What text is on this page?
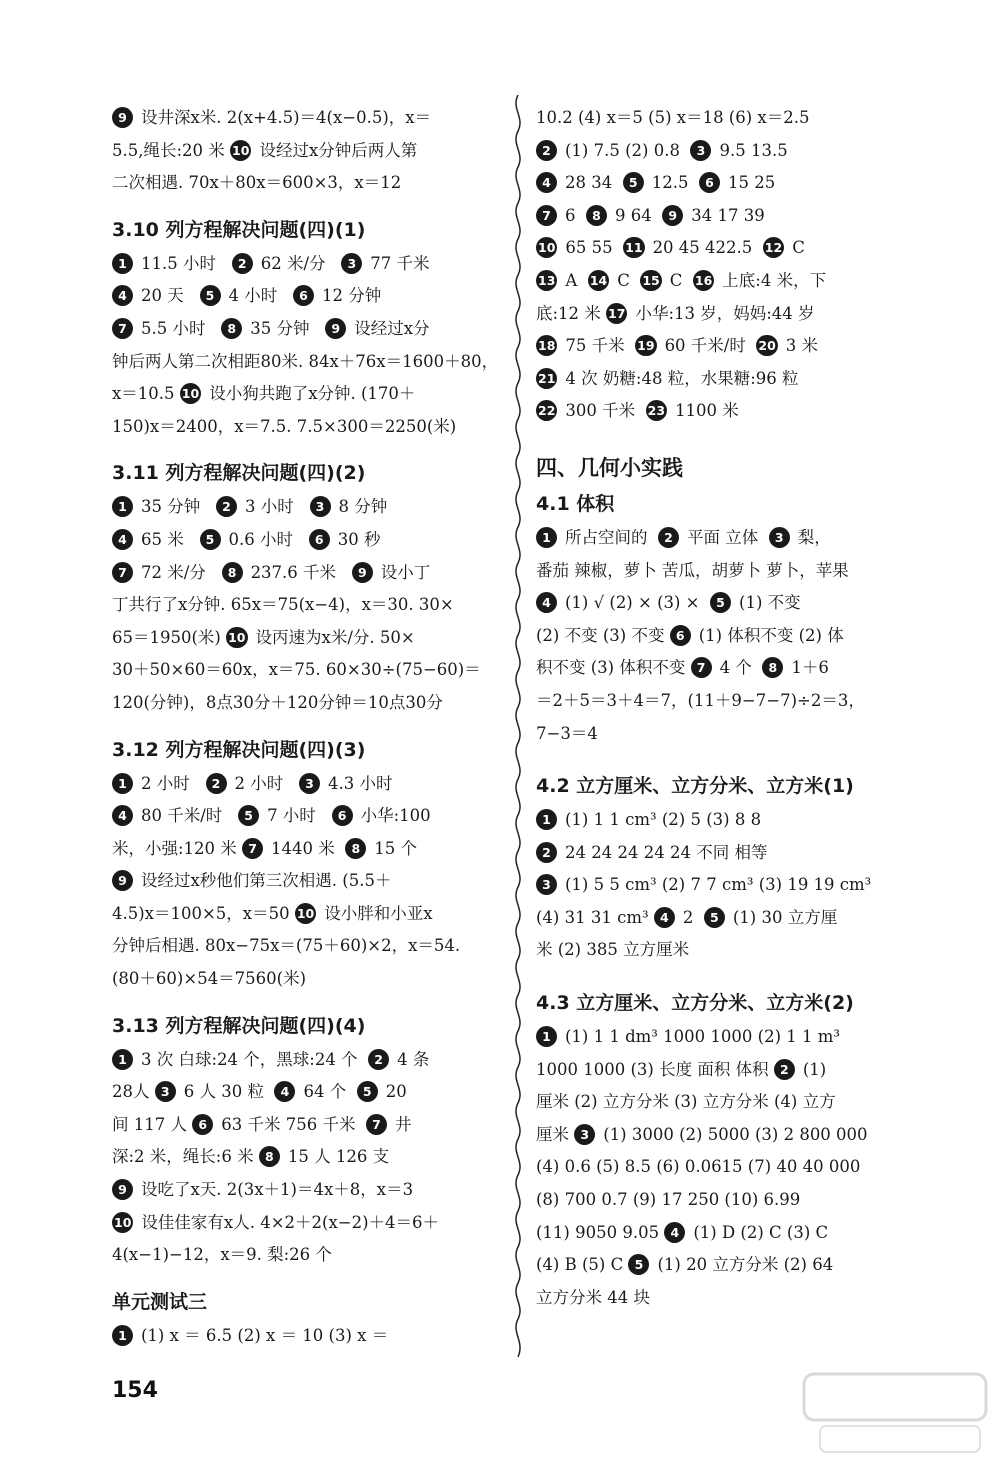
9 设井深x米. 2(x+4.5)＝4(x−0.5)，x＝
5.5,绳长:20 米 10 设经过x分钟后两人第
二次相遇. 70x＋80x＝600×3，x＝12
3.10 列方程解决问题(四)(1)
1 11.5 小时 2 62 米/分 3 77 千米
4 20 天 5 4 小时 6 12 分钟
7 5.5 小时 8 35 分钟 9 设经过x分
钟后两人第二次相距80米. 84x＋76x＝1600＋80，
x＝10.5 10 设小狗共跑了x分钟. (170＋
150)x＝2400，x＝7.5. 7.5×300＝2250(米)
3.11 列方程解决问题(四)(2)
1 35 分钟 2 3 小时 3 8 分钟
4 65 米 5 0.6 小时 6 30 秒
7 72 米/分 8 237.6 千米 9 设小丁
丁共行了x分钟. 65x＝75(x−4)，x＝30. 30×
65＝1950(米) 10 设丙速为x米/分. 50×
30＋50×60＝60x，x＝75. 60×30÷(75−60)＝
120(分钟)，8点30分＋120分钟＝10点30分
3.12 列方程解决问题(四)(3)
1 2 小时 2 2 小时 3 4.3 小时
4 80 千米/时 5 7 小时 6 小华:100
米，小强:120 米 7 1440 米 8 15 个
9 设经过x秒他们第三次相遇. (5.5＋
4.5)x＝100×5，x＝50 10 设小胖和小亚x
分钟后相遇. 80x−75x＝(75＋60)×2，x＝54.
(80＋60)×54＝7560(米)
3.13 列方程解决问题(四)(4)
1 3 次 白球:24 个，黑球:24 个 2 4 条
28人 3 6 人 30 粒 4 64 个 5 20
间 117 人 6 63 千米 756 千米 7 井
深:2 米，绳长:6 米 8 15 人 126 支
9 设吃了x天. 2(3x＋1)＝4x＋8，x＝3
10 设佳佳家有x人. 4×2＋2(x−2)＋4＝6＋
4(x−1)−12，x＝9. 梨:26 个
单元测试三
1 (1) x ＝ 6.5 (2) x ＝ 10 (3) x ＝
10.2 (4) x＝5 (5) x＝18 (6) x＝2.5
2 (1) 7.5 (2) 0.8 3 9.5 13.5
4 28 34 5 12.5 6 15 25
7 6 8 9 64 9 34 17 39
10 65 55 11 20 45 422.5 12 C
13 A 14 C 15 C 16 上底:4 米，下
底:12 米 17 小华:13 岁，妈妈:44 岁
18 75 千米 19 60 千米/时 20 3 米
21 4 次 奶糖:48 粒，水果糖:96 粒
22 300 千米 23 1100 米
四、几何小实践
4.1 体积
1 所占空间的 2 平面 立体 3 梨，
番茄 辣椒，萝卜 苦瓜，胡萝卜 萝卜，苹果
4 (1) √ (2) × (3) × 5 (1) 不变
(2) 不变 (3) 不变 6 (1) 体积不变 (2) 体
积不变 (3) 体积不变 7 4 个 8 1＋6
＝2＋5＝3＋4＝7，(11＋9−7−7)÷2＝3，
7−3＝4
4.2 立方厘米、立方分米、立方米(1)
1 (1) 1 1 cm³ (2) 5 (3) 8 8
2 24 24 24 24 24 不同 相等
3 (1) 5 5 cm³ (2) 7 7 cm³ (3) 19 19 cm³
(4) 31 31 cm³ 4 2 5 (1) 30 立方厘
米 (2) 385 立方厘米
4.3 立方厘米、立方分米、立方米(2)
1 (1) 1 1 dm³ 1000 1000 (2) 1 1 m³
1000 1000 (3) 长度 面积 体积 2 (1)
厘米 (2) 立方分米 (3) 立方分米 (4) 立方
厘米 3 (1) 3000 (2) 5000 (3) 2 800 000
(4) 0.6 (5) 8.5 (6) 0.0615 (7) 40 40 000
(8) 700 0.7 (9) 17 250 (10) 6.99
(11) 9050 9.05 4 (1) D (2) C (3) C
(4) B (5) C 5 (1) 20 立方分米 (2) 64
立方分米 44 块
154
